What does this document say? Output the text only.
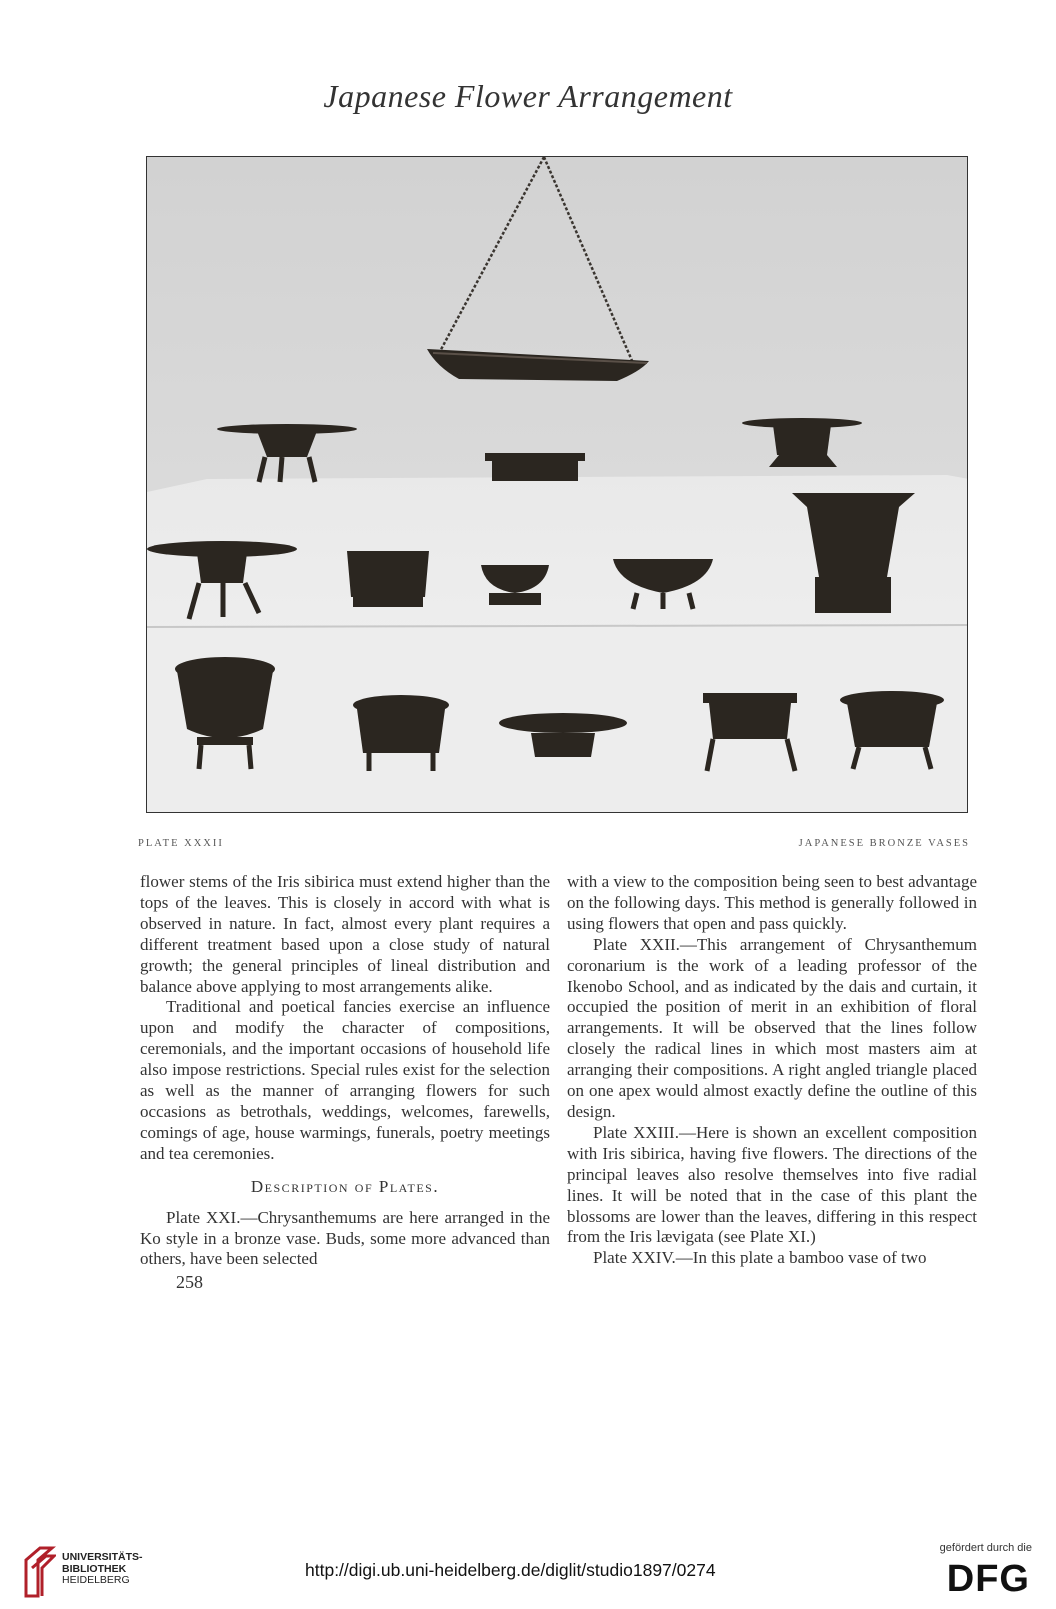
Japanese Flower Arrangement
PLATE XXXII	JAPANESE BRONZE VASES

flower stems of the Iris sibirica must extend higher than the tops of the leaves. This is closely in accord with what is observed in nature. In fact, almost every plant requires a different treatment based upon a close study of natural growth; the general principles of lineal distribution and balance above applying to most arrangements alike.

Traditional and poetical fancies exercise an influence upon and modify the character of compositions, ceremonials, and the important occasions of household life also impose restrictions. Special rules exist for the selection as well as the manner of arranging flowers for such occasions as betrothals, weddings, welcomes, farewells, comings of age, house warmings, funerals, poetry meetings and tea ceremonies.

Description of Plates.

Plate XXI.—Chrysanthemums are here arranged in the Ko style in a bronze vase. Buds, some more advanced than others, have been selected

258

with a view to the composition being seen to best advantage on the following days. This method is generally followed in using flowers that open and pass quickly.

Plate XXII.—This arrangement of Chrysanthemum coronarium is the work of a leading professor of the Ikenobo School, and as indicated by the dais and curtain, it occupied the position of merit in an exhibition of floral arrangements. It will be observed that the lines follow closely the radical lines in which most masters aim at arranging their compositions. A right angled triangle placed on one apex would almost exactly define the outline of this design.

Plate XXIII.—Here is shown an excellent composition with Iris sibirica, having five flowers. The directions of the principal leaves also resolve themselves into five radial lines. It will be noted that in the case of this plant the blossoms are lower than the leaves, differing in this respect from the Iris lævigata (see Plate XI.)

Plate XXIV.—In this plate a bamboo vase of two

UNIVERSITÄTS-
BIBLIOTHEK
HEIDELBERG	http://digi.ub.uni-heidelberg.de/diglit/studio1897/0274
gefördert durch die
DFG
